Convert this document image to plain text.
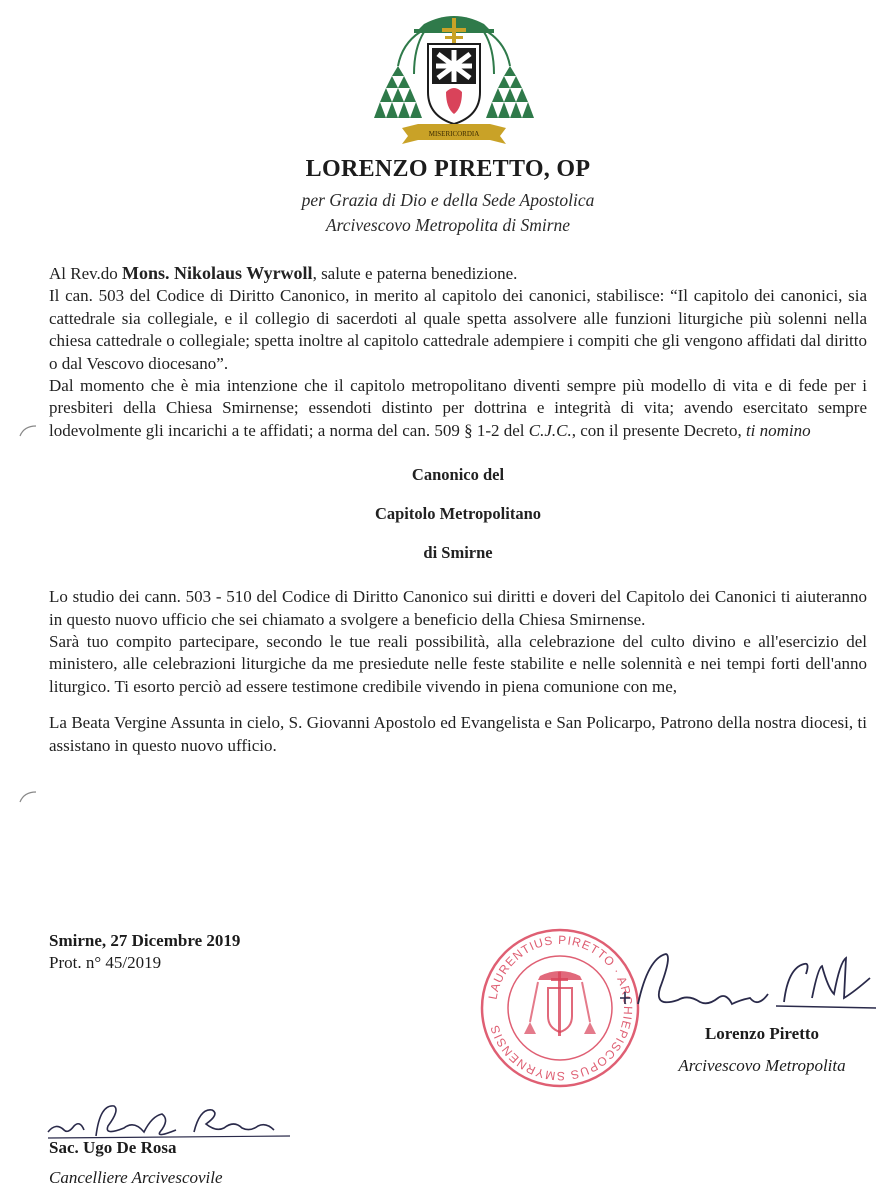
MISERICORDIA
LORENZO PIRETTO, OP
per Grazia di Dio e della Sede Apostolica
Arcivescovo Metropolita di Smirne

Al Rev.do Mons. Nikolaus Wyrwoll, salute e paterna benedizione.

Il can. 503 del Codice di Diritto Canonico, in merito al capitolo dei canonici, stabilisce: “Il capitolo dei canonici, sia cattedrale sia collegiale, e il collegio di sacerdoti al quale spetta assolvere alle funzioni liturgiche più solenni nella chiesa cattedrale o collegiale; spetta inoltre al capitolo cattedrale adempiere i compiti che gli vengono affidati dal diritto o dal Vescovo diocesano”.

Dal momento che è mia intenzione che il capitolo metropolitano diventi sempre più modello di vita e di fede per i presbiteri della Chiesa Smirnense; essendoti distinto per dottrina e integrità di vita; avendo esercitato sempre lodevolmente gli incarichi a te affidati; a norma del can. 509 § 1-2 del C.J.C., con il presente Decreto, ti nomino

Canonico del

Capitolo Metropolitano

di Smirne

Lo studio dei cann. 503 - 510 del Codice di Diritto Canonico sui diritti e doveri del Capitolo dei Canonici ti aiuteranno in questo nuovo ufficio che sei chiamato a svolgere a beneficio della Chiesa Smirnense.

Sarà tuo compito partecipare, secondo le tue reali possibilità, alla celebrazione del culto divino e all'esercizio del ministero, alle celebrazioni liturgiche da me presiedute nelle feste stabilite e nelle solennità e nei tempi forti dell'anno liturgico. Ti esorto perciò ad essere testimone credibile vivendo in piena comunione con me,

La Beata Vergine Assunta in cielo, S. Giovanni Apostolo ed Evangelista e San Policarpo, Patrono della nostra diocesi, ti assistano in questo nuovo ufficio.

Smirne, 27 Dicembre 2019
Prot. n° 45/2019
LAURENTIUS PIRETTO · ARCHIEPISCOPUS SMYRNENSIS	Lorenzo Piretto
Arcivescovo Metropolita
Sac. Ugo De Rosa
Cancelliere Arcivescovile
